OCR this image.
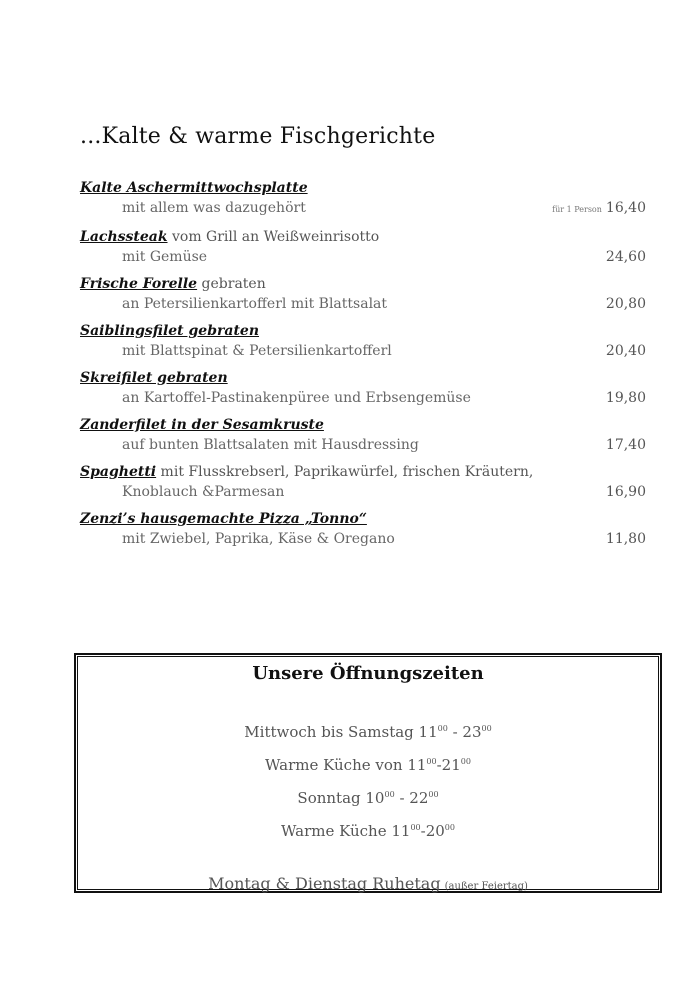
...Kalte & warme Fischgerichte
Kalte Aschermittwochsplatte
mit allem was dazugehört	für 1 Person 16,40
Lachssteak vom Grill an Weißweinrisotto
mit Gemüse	24,60
Frische Forelle gebraten
an Petersilienkartofferl mit Blattsalat	20,80
Saiblingsfilet gebraten
mit Blattspinat & Petersilienkartofferl	20,40
Skreifilet gebraten
an Kartoffel-Pastinakenpüree und Erbsengemüse	19,80
Zanderfilet in der Sesamkruste
auf bunten Blattsalaten mit Hausdressing	17,40
Spaghetti mit Flusskrebserl, Paprikawürfel, frischen Kräutern,
Knoblauch &Parmesan	16,90
Zenzi’s hausgemachte Pizza „Tonno“
mit Zwiebel, Paprika, Käse & Oregano	11,80
Unsere Öffnungszeiten
Mittwoch bis Samstag $11^{00} - 23^{00}$
Warme Küche von $11^{00}-21^{00}$
Sonntag $10^{00} - 22^{00}$
Warme Küche $11^{00}-20^{00}$
Montag & Dienstag Ruhetag (außer Feiertag)
